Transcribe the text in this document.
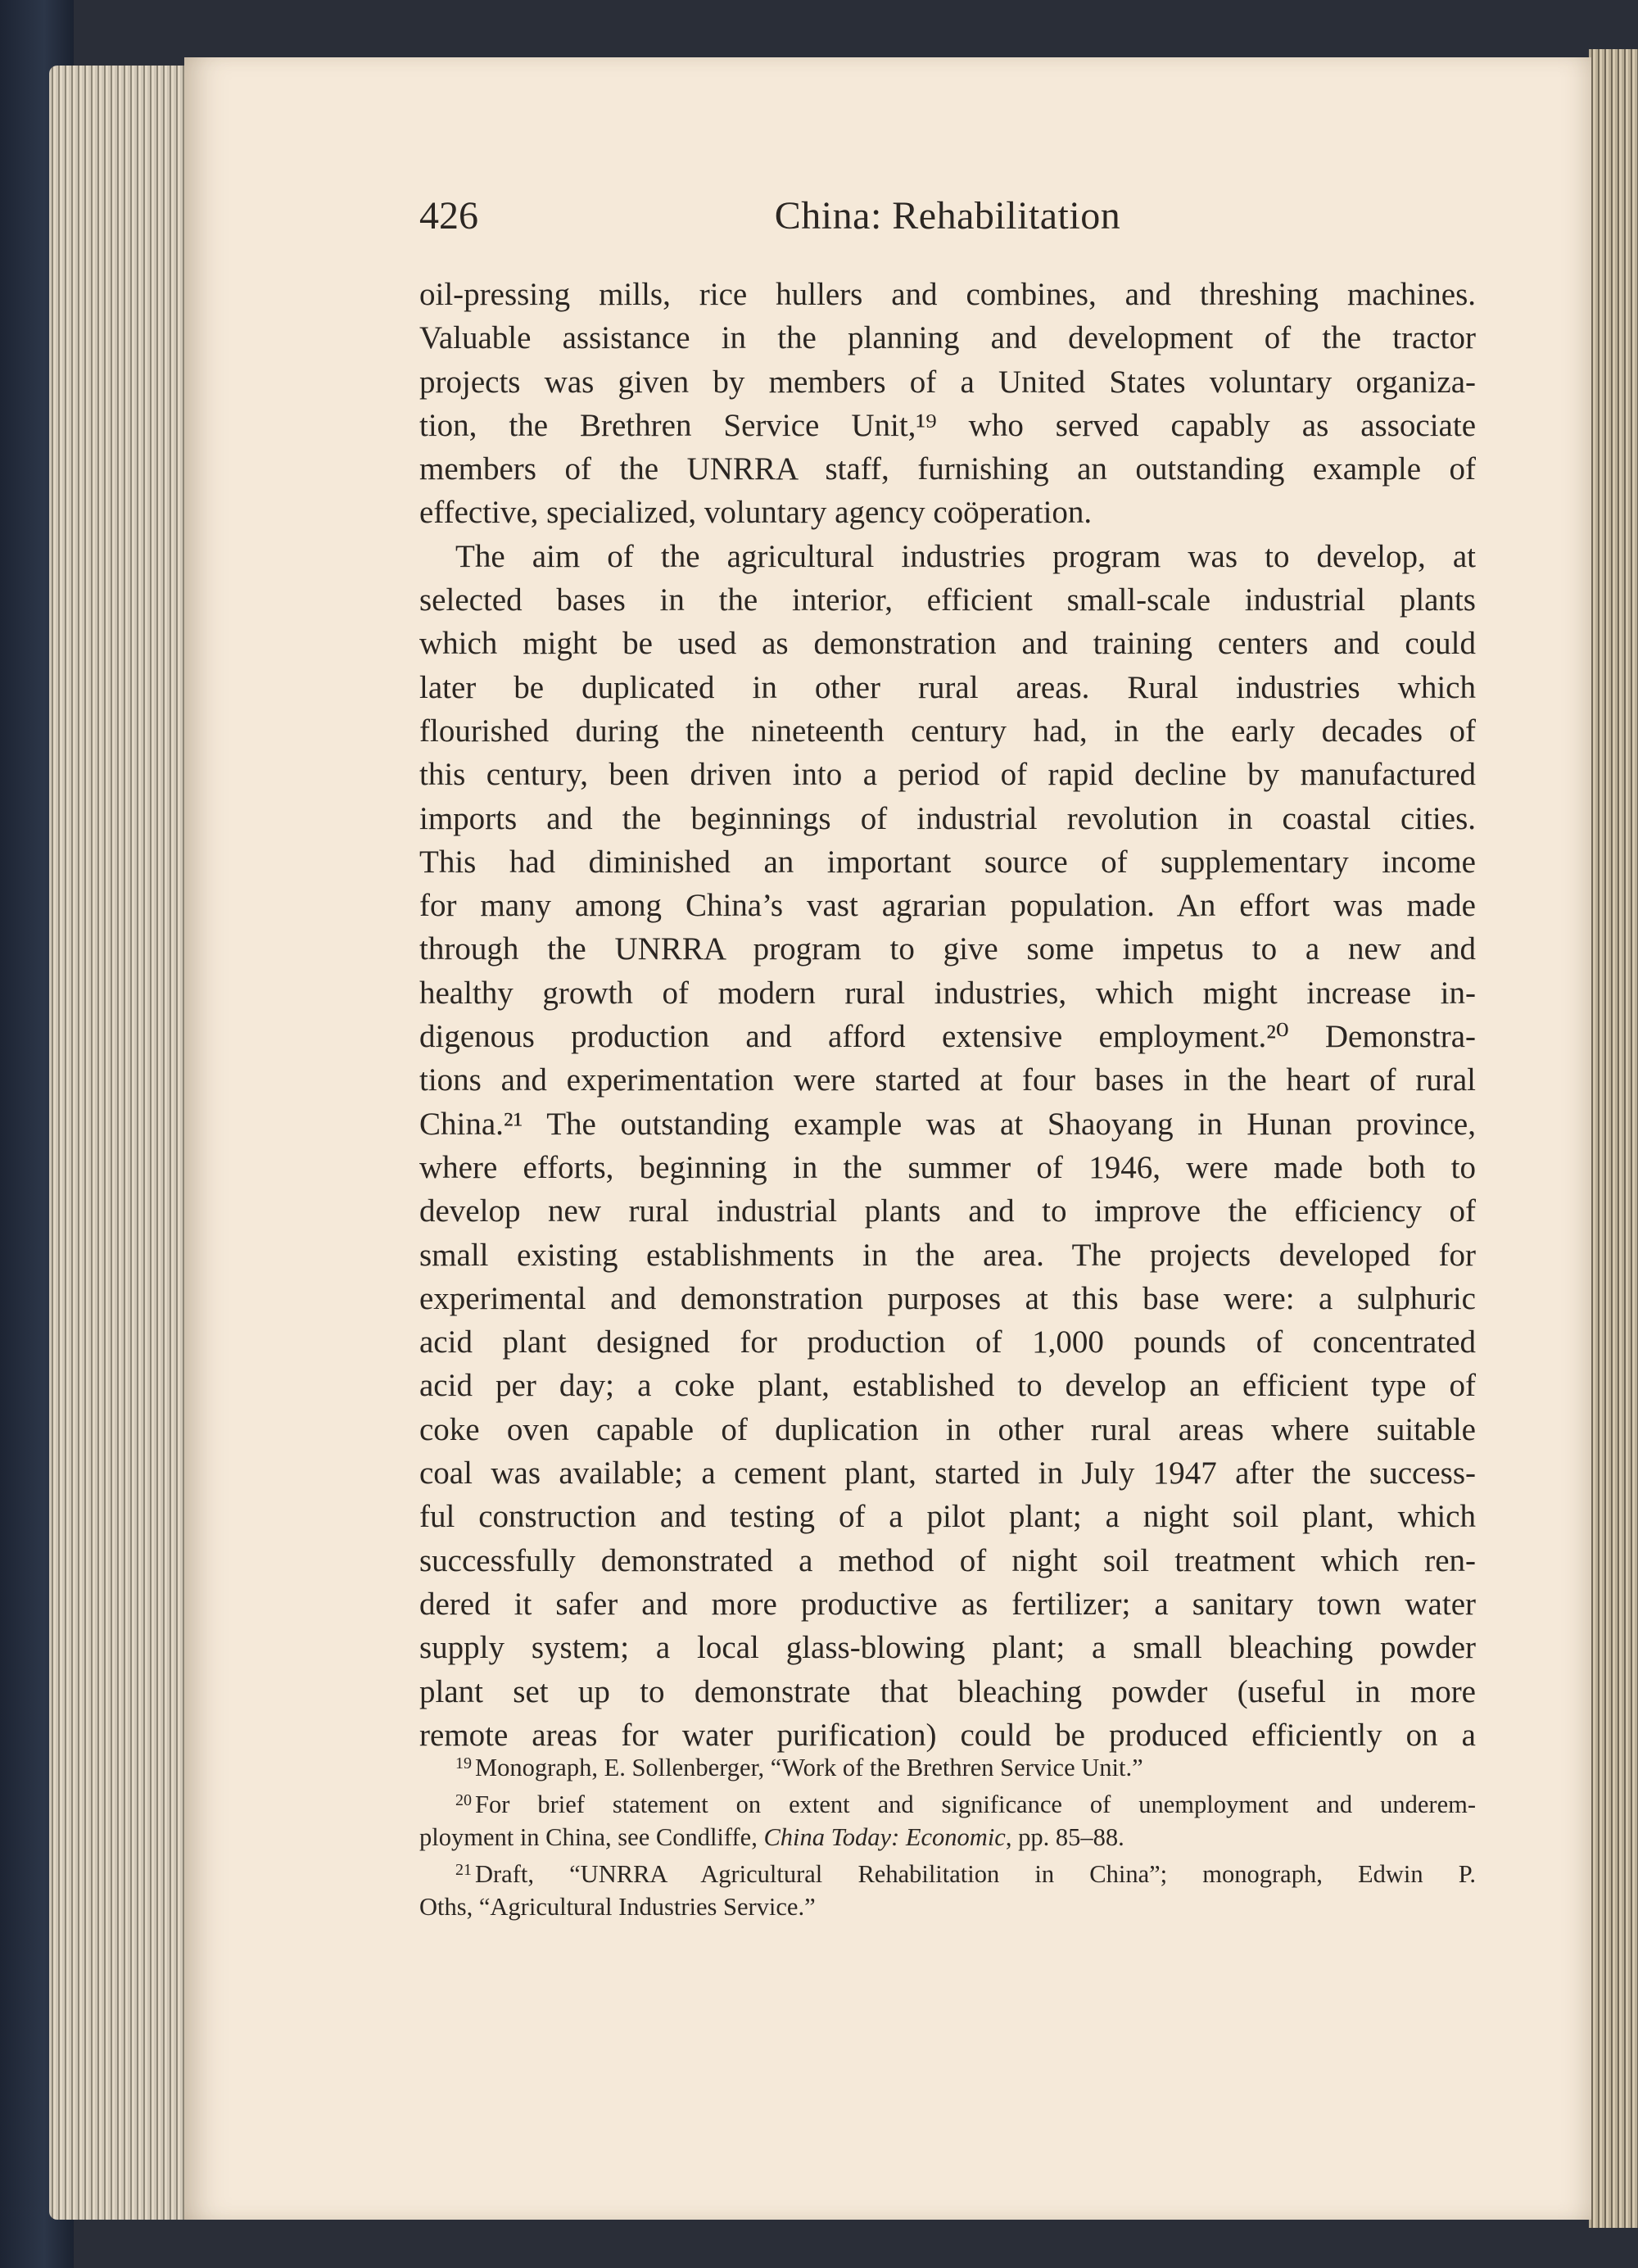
426	China: Rehabilitation
oil-pressing mills, rice hullers and combines, and threshing machines.
Valuable assistance in the planning and development of the tractor
projects was given by members of a United States voluntary organiza-
tion, the Brethren Service Unit,¹⁹ who served capably as associate
members of the UNRRA staff, furnishing an outstanding example of
effective, specialized, voluntary agency coöperation.
The aim of the agricultural industries program was to develop, at
selected bases in the interior, efficient small-scale industrial plants
which might be used as demonstration and training centers and could
later be duplicated in other rural areas. Rural industries which
flourished during the nineteenth century had, in the early decades of
this century, been driven into a period of rapid decline by manufactured
imports and the beginnings of industrial revolution in coastal cities.
This had diminished an important source of supplementary income
for many among China’s vast agrarian population. An effort was made
through the UNRRA program to give some impetus to a new and
healthy growth of modern rural industries, which might increase in-
digenous production and afford extensive employment.²⁰ Demonstra-
tions and experimentation were started at four bases in the heart of rural
China.²¹ The outstanding example was at Shaoyang in Hunan province,
where efforts, beginning in the summer of 1946, were made both to
develop new rural industrial plants and to improve the efficiency of
small existing establishments in the area. The projects developed for
experimental and demonstration purposes at this base were: a sulphuric
acid plant designed for production of 1,000 pounds of concentrated
acid per day; a coke plant, established to develop an efficient type of
coke oven capable of duplication in other rural areas where suitable
coal was available; a cement plant, started in July 1947 after the success-
ful construction and testing of a pilot plant; a night soil plant, which
successfully demonstrated a method of night soil treatment which ren-
dered it safer and more productive as fertilizer; a sanitary town water
supply system; a local glass-blowing plant; a small bleaching powder
plant set up to demonstrate that bleaching powder (useful in more
remote areas for water purification) could be produced efficiently on a
$^{19}$ Monograph, E. Sollenberger, “Work of the Brethren Service Unit.”
$^{20}$ For brief statement on extent and significance of unemployment and underem-
ployment in China, see Condliffe, China Today: Economic, pp. 85–88.
$^{21}$ Draft, “UNRRA Agricultural Rehabilitation in China”; monograph, Edwin P.
Oths, “Agricultural Industries Service.”
